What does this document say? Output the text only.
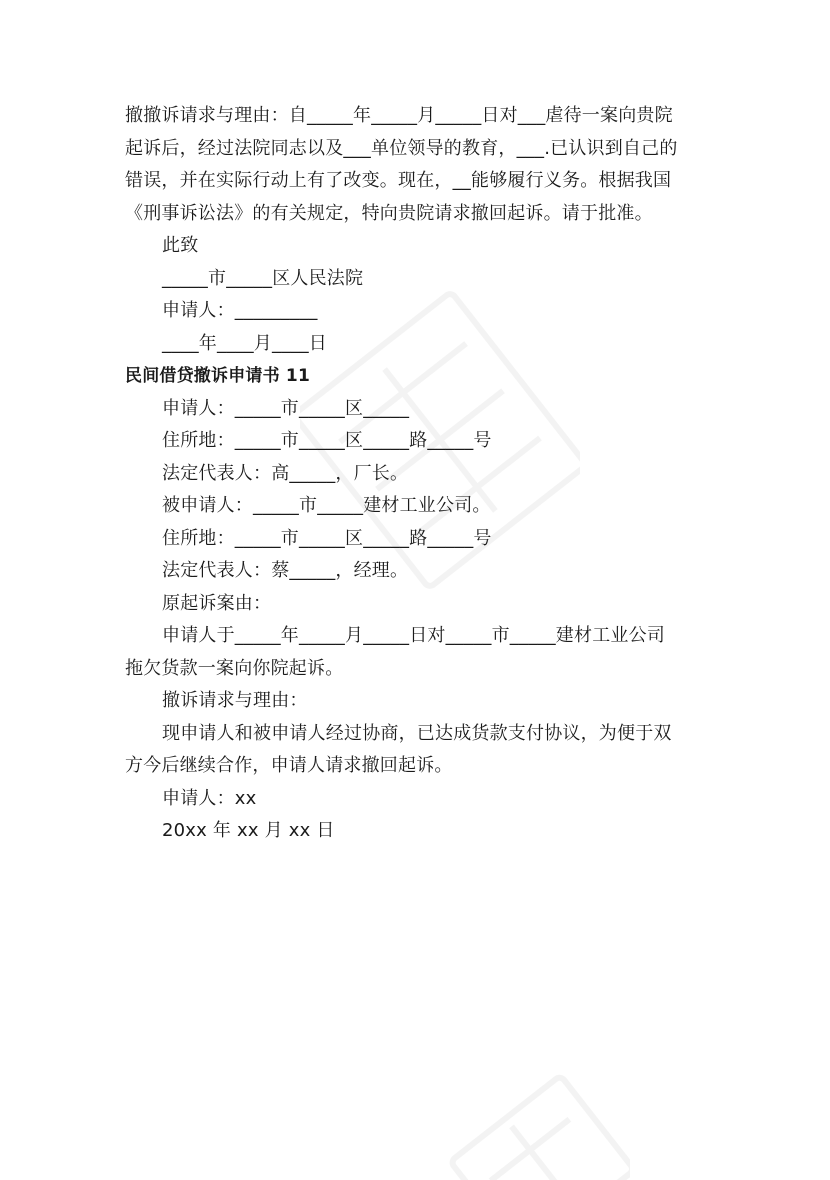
撤撤诉请求与理由：自_____年_____月_____日对___虐待一案向贵院
起诉后，经过法院同志以及___单位领导的教育，___.已认识到自己的
错误，并在实际行动上有了改变。现在，__能够履行义务。根据我国
《刑事诉讼法》的有关规定，特向贵院请求撤回起诉。请于批准。
此致
_____市_____区人民法院
申请人：_________
____年____月____日
民间借贷撤诉申请书 11
申请人：_____市_____区_____
住所地：_____市_____区_____路_____号
法定代表人：高_____，厂长。
被申请人：_____市_____建材工业公司。
住所地：_____市_____区_____路_____号
法定代表人：蔡_____，经理。
原起诉案由：
申请人于_____年_____月_____日对_____市_____建材工业公司
拖欠货款一案向你院起诉。
撤诉请求与理由：
现申请人和被申请人经过协商，已达成货款支付协议，为便于双
方今后继续合作，申请人请求撤回起诉。
申请人：xx
20xx 年 xx 月 xx 日
